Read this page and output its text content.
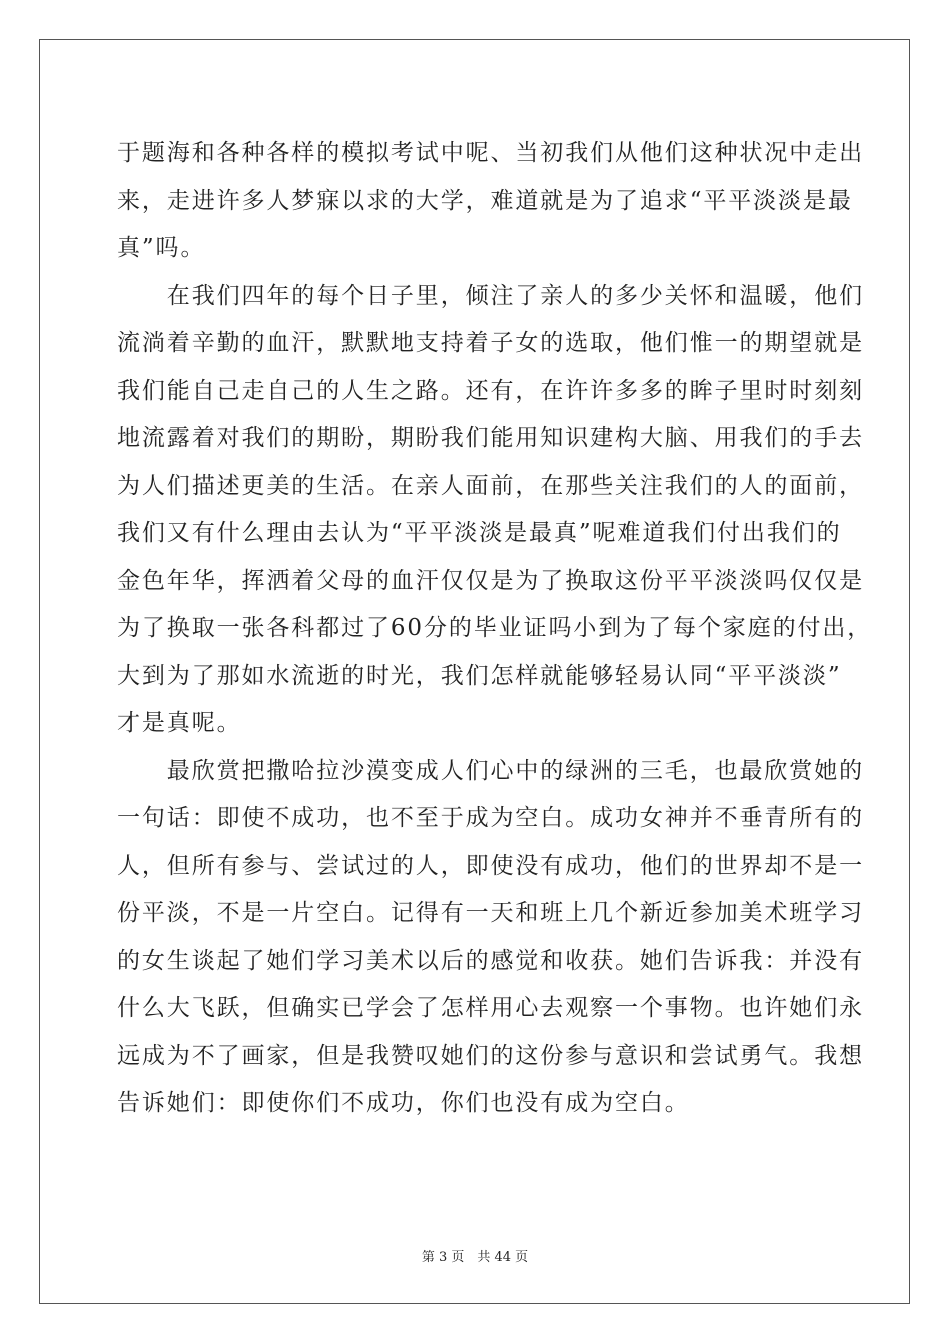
于题海和各种各样的模拟考试中呢、当初我们从他们这种状况中走出
来，走进许多人梦寐以求的大学，难道就是为了追求“平平淡淡是最
真”吗。
　　在我们四年的每个日子里，倾注了亲人的多少关怀和温暖，他们
流淌着辛勤的血汗，默默地支持着子女的选取，他们惟一的期望就是
我们能自己走自己的人生之路。还有，在许许多多的眸子里时时刻刻
地流露着对我们的期盼，期盼我们能用知识建构大脑、用我们的手去
为人们描述更美的生活。在亲人面前，在那些关注我们的人的面前，
我们又有什么理由去认为“平平淡淡是最真”呢难道我们付出我们的
金色年华，挥洒着父母的血汗仅仅是为了换取这份平平淡淡吗仅仅是
为了换取一张各科都过了60分的毕业证吗小到为了每个家庭的付出，
大到为了那如水流逝的时光，我们怎样就能够轻易认同“平平淡淡”
才是真呢。
　　最欣赏把撒哈拉沙漠变成人们心中的绿洲的三毛，也最欣赏她的
一句话：即使不成功，也不至于成为空白。成功女神并不垂青所有的
人，但所有参与、尝试过的人，即使没有成功，他们的世界却不是一
份平淡，不是一片空白。记得有一天和班上几个新近参加美术班学习
的女生谈起了她们学习美术以后的感觉和收获。她们告诉我：并没有
什么大飞跃，但确实已学会了怎样用心去观察一个事物。也许她们永
远成为不了画家，但是我赞叹她们的这份参与意识和尝试勇气。我想
告诉她们：即使你们不成功，你们也没有成为空白。
第 3 页　共 44 页
